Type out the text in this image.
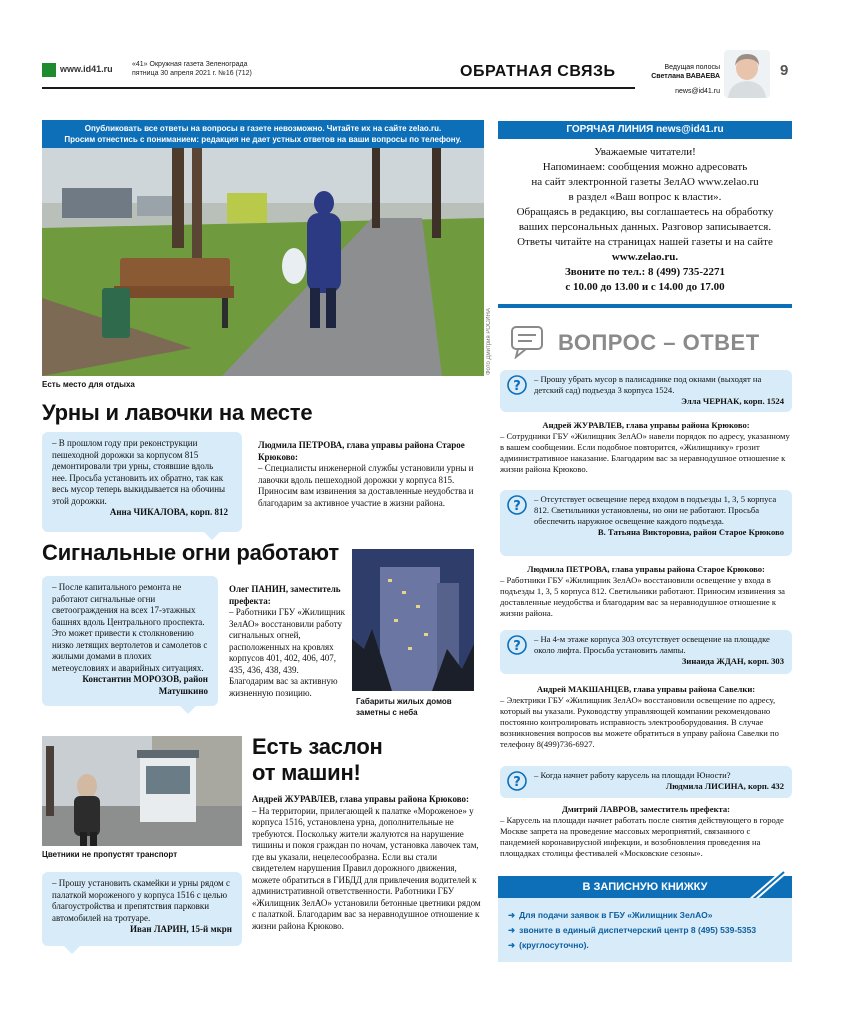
www.id41.ru	«41» Окружная газета Зеленограда
пятница 30 апреля 2021 г. №16 (712)	ОБРАТНАЯ СВЯЗЬ	Ведущая полосы
Светлана ВАВАЕВА
news@id41.ru
9
Опубликовать все ответы на вопросы в газете невозможно. Читайте их на сайте zelao.ru.
Просим отнестись с пониманием: редакция не дает устных ответов на ваши вопросы по телефону.
Есть место для отдыха
Фото Дмитрия РОСИНА
Урны и лавочки на месте
– В прошлом году при реконструкции пешеходной дорожки за корпусом 815 демонтировали три урны, стоявшие вдоль нее. Просьба установить их обратно, так как весь мусор теперь выкидывается на обочины этой дорожки.
Анна ЧИКАЛОВА, корп. 812
Людмила ПЕТРОВА, глава управы района Старое Крюково:
– Специалисты инженерной службы установили урны и лавочки вдоль пешеходной дорожки у корпуса 815. Приносим вам извинения за доставленные неудобства и благодарим за активное участие в жизни района.
Сигнальные огни работают
– После капитального ремонта не работают сигнальные огни светоограждения на всех 17-этажных башнях вдоль Центрального проспекта. Это может привести к столкновению низко летящих вертолетов и самолетов с жилыми домами в плохих метеоусловиях и аварийных ситуациях.
Константин МОРОЗОВ, район Матушкино
Олег ПАНИН, заместитель префекта:
– Работники ГБУ «Жилищник ЗелАО» восстановили работу сигнальных огней, расположенных на кровлях корпусов 401, 402, 406, 407, 435, 436, 438, 439. Благодарим вас за активную жизненную позицию.
Габариты жилых домов заметны с неба
Цветники не пропустят транспорт
Есть заслон
от машин!
– Прошу установить скамейки и урны рядом с палаткой мороженого у корпуса 1516 с целью благоустройства и препятствия парковки автомобилей на тротуаре.
Иван ЛАРИН, 15-й мкрн
Андрей ЖУРАВЛЕВ, глава управы района Крюково:
– На территории, прилегающей к палатке «Мороженое» у корпуса 1516, установлена урна, дополнительные не требуются. Поскольку жители жалуются на нарушение тишины и покоя граждан по ночам, установка лавочек там, где вы указали, нецелесообразна. Если вы стали свидетелем нарушения Правил дорожного движения, можете обратиться в ГИБДД для привлечения водителей к административной ответственности. Работники ГБУ «Жилищник ЗелАО» установили бетонные цветники рядом с палаткой. Благодарим вас за неравнодушное отношение к жизни района Крюково.
ГОРЯЧАЯ ЛИНИЯ news@id41.ru
Уважаемые читатели!
Напоминаем: сообщения можно адресовать
на сайт электронной газеты ЗелАО www.zelao.ru
в раздел «Ваш вопрос к власти».
Обращаясь в редакцию, вы соглашаетесь на обработку
ваших персональных данных. Разговор записывается.
Ответы читайте на страницах нашей газеты и на сайте
www.zelao.ru.
Звоните по тел.: 8 (499) 735-2271
с 10.00 до 13.00 и с 14.00 до 17.00
ВОПРОС – ОТВЕТ
? – Прошу убрать мусор в палисаднике под окнами (выходят на детский сад) подъезда 3 корпуса 1524.
Элла ЧЕРНАК, корп. 1524
Андрей ЖУРАВЛЕВ, глава управы района Крюково:
– Сотрудники ГБУ «Жилищник ЗелАО» навели порядок по адресу, указанному в вашем сообщении. Если подобное повторится, «Жилищнику» грозит административное наказание. Благодарим вас за неравнодушное отношение к жизни района Крюково.
? – Отсутствует освещение перед входом в подъезды 1, 3, 5 корпуса 812. Светильники установлены, но они не работают. Просьба обеспечить наружное освещение каждого подъезда.
В. Татьяна Викторовна, район Старое Крюково
Людмила ПЕТРОВА, глава управы района Старое Крюково:
– Работники ГБУ «Жилищник ЗелАО» восстановили освещение у входа в подъезды 1, 3, 5 корпуса 812. Светильники работают. Приносим извинения за доставленные неудобства и благодарим вас за неравнодушное отношение к жизни района.
? – На 4-м этаже корпуса 303 отсутствует освещение на площадке около лифта. Просьба установить лампы.
Зинаида ЖДАН, корп. 303
Андрей МАКШАНЦЕВ, глава управы района Савелки:
– Электрики ГБУ «Жилищник ЗелАО» восстановили освещение по адресу, который вы указали. Руководству управляющей компании рекомендовано постоянно контролировать исправность электрооборудования. В случае возникновения вопросов вы можете обратиться в управу района Савелки по телефону 8(499)736-6927.
? – Когда начнет работу карусель на площади Юности?
Людмила ЛИСИНА, корп. 432
Дмитрий ЛАВРОВ, заместитель префекта:
– Карусель на площади начнет работать после снятия действующего в городе Москве запрета на проведение массовых мероприятий, связанного с пандемией коронавирусной инфекции, и возобновления проведения на площадках столицы фестивалей «Московские сезоны».
В ЗАПИСНУЮ КНИЖКУ
➜ Для подачи заявок в ГБУ «Жилищник ЗелАО»
➜ звоните в единый диспетчерский центр 8 (495) 539-5353
➜ (круглосуточно).
